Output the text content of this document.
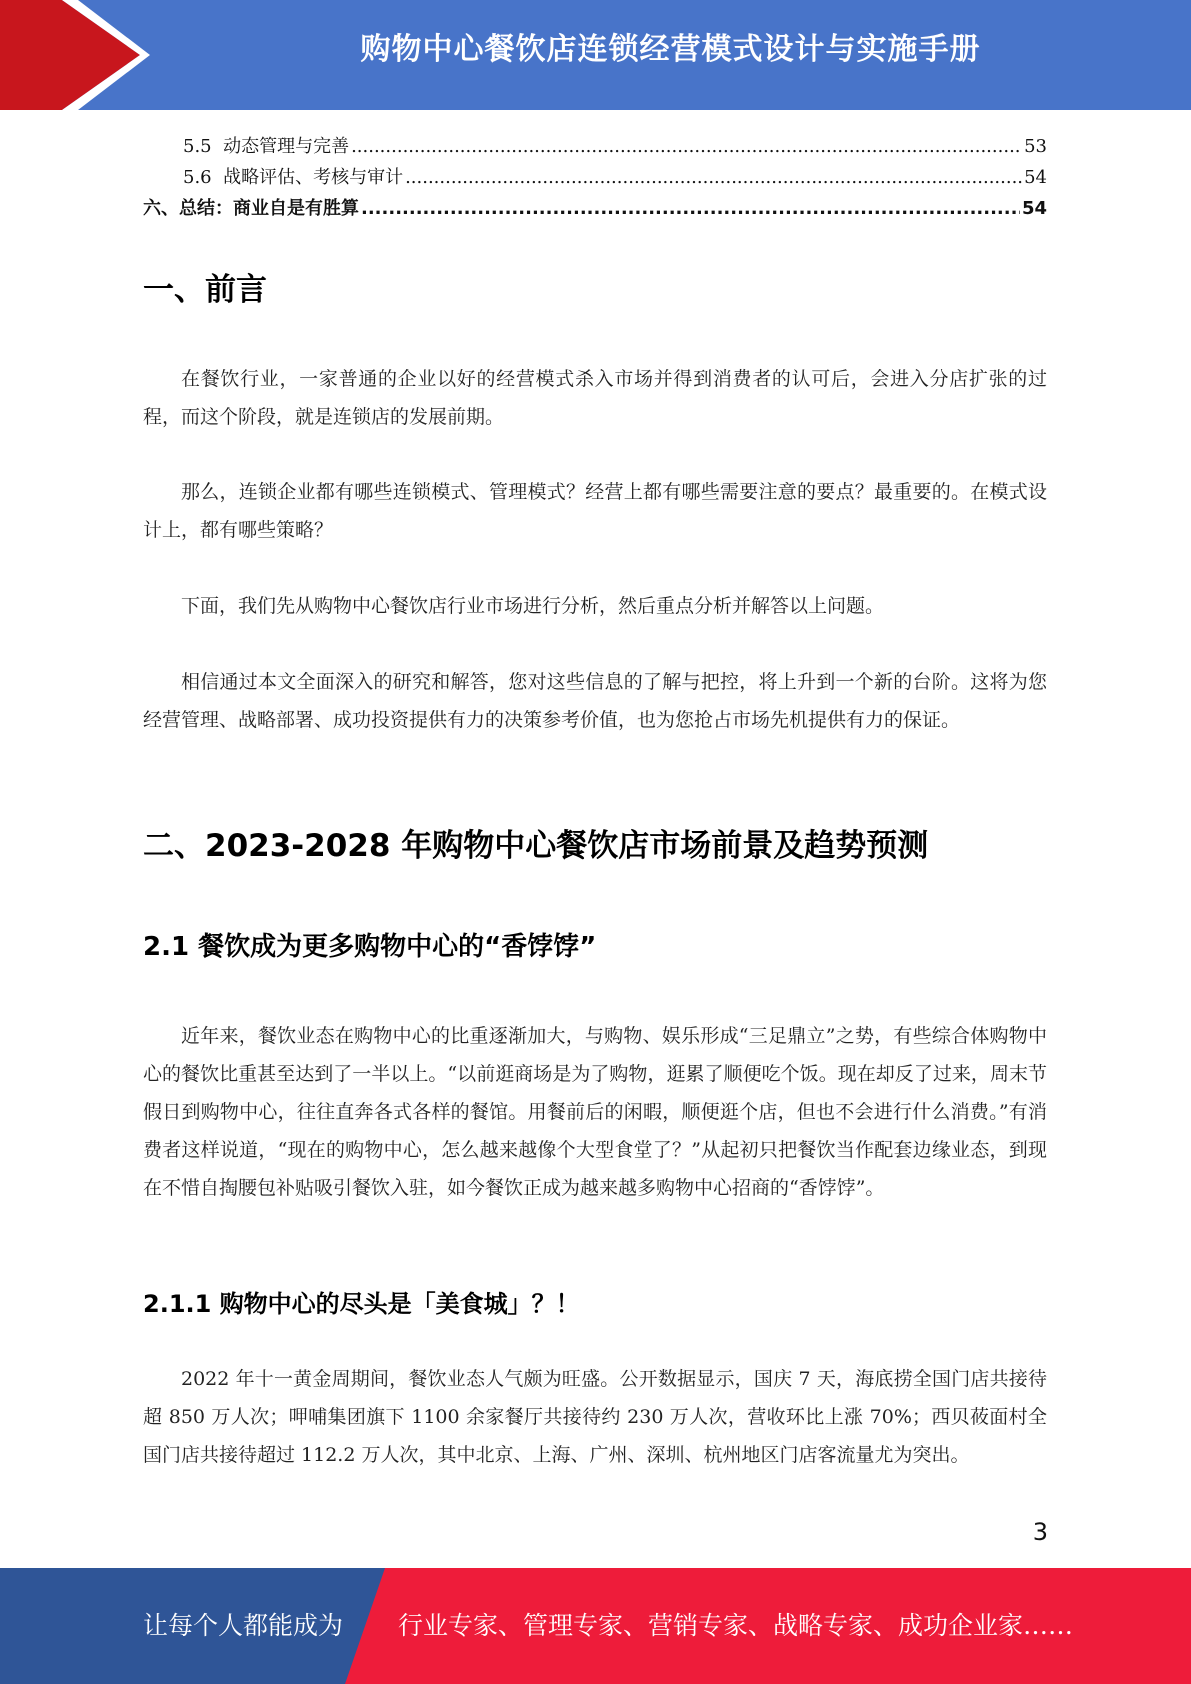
购物中心餐饮店连锁经营模式设计与实施手册
5.5  动态管理与完善 .....	53
5.6  战略评估、考核与审计 .....	54
六、总结：商业自是有胜算 .....	54
一、前言

在餐饮行业，一家普通的企业以好的经营模式杀入市场并得到消费者的认可后，会进入分店扩张的过程，而这个阶段，就是连锁店的发展前期。

那么，连锁企业都有哪些连锁模式、管理模式？经营上都有哪些需要注意的要点？最重要的。在模式设计上，都有哪些策略？

下面，我们先从购物中心餐饮店行业市场进行分析，然后重点分析并解答以上问题。

相信通过本文全面深入的研究和解答，您对这些信息的了解与把控，将上升到一个新的台阶。这将为您经营管理、战略部署、成功投资提供有力的决策参考价值，也为您抢占市场先机提供有力的保证。

二、2023-2028 年购物中心餐饮店市场前景及趋势预测
2.1 餐饮成为更多购物中心的“香饽饽”

近年来，餐饮业态在购物中心的比重逐渐加大，与购物、娱乐形成“三足鼎立”之势，有些综合体购物中心的餐饮比重甚至达到了一半以上。“以前逛商场是为了购物，逛累了顺便吃个饭。现在却反了过来，周末节假日到购物中心，往往直奔各式各样的餐馆。用餐前后的闲暇，顺便逛个店，但也不会进行什么消费。”有消费者这样说道，“现在的购物中心，怎么越来越像个大型食堂了？”从起初只把餐饮当作配套边缘业态，到现在不惜自掏腰包补贴吸引餐饮入驻，如今餐饮正成为越来越多购物中心招商的“香饽饽”。

2.1.1 购物中心的尽头是「美食城」？！

2022 年十一黄金周期间，餐饮业态人气颇为旺盛。公开数据显示，国庆 7 天，海底捞全国门店共接待超 850 万人次；呷哺集团旗下 1100 余家餐厅共接待约 230 万人次，营收环比上涨 70%；西贝莜面村全国门店共接待超过 112.2 万人次，其中北京、上海、广州、深圳、杭州地区门店客流量尤为突出。

3
让每个人都能成为 行业专家、管理专家、营销专家、战略专家、成功企业家……
